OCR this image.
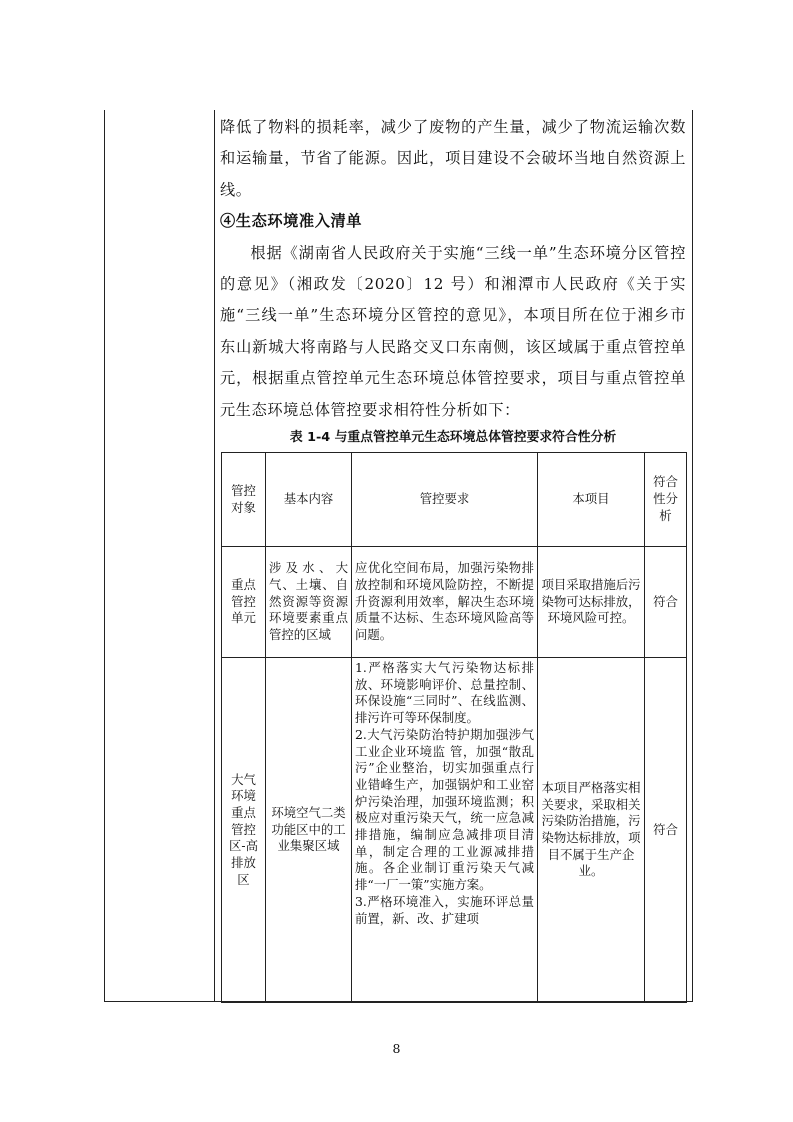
降低了物料的损耗率，减少了废物的产生量，减少了物流运输次数和运输量，节省了能源。因此，项目建设不会破坏当地自然资源上线。

④生态环境准入清单

根据《湖南省人民政府关于实施“三线一单”生态环境分区管控 的意见》（湘政发〔2020〕12 号）和湘潭市人民政府《关于实施“三线一单”生态环境分区管控的意见》，本项目所在位于湘乡市东山新城大将南路与人民路交叉口东南侧，该区域属于重点管控单元，根据重点管控单元生态环境总体管控要求，项目与重点管控单元生态环境总体管控要求相符性分析如下：

表 1-4 与重点管控单元生态环境总体管控要求符合性分析
管控对象	基本内容	管控要求	本项目	符合性分析
重点管控单元	涉及水、大气、土壤、自然资源等资源环境要素重点管控的区域	应优化空间布局，加强污染物排放控制和环境风险防控，不断提升资源利用效率，解决生态环境质量不达标、生态环境风险高等问题。	项目采取措施后污染物可达标排放，环境风险可控。	符合
大气环境重点管控区-高排放区	环境空气二类功能区中的工业集聚区域	1.严格落实大气污染物达标排放、环境影响评价、总量控制、环保设施“三同时”、在线监测、排污许可等环保制度。
2.大气污染防治特护期加强涉气工业企业环境监 管，加强“散乱污”企业整治，切实加强重点行业错峰生产，加强锅炉和工业窑炉污染治理，加强环境监测；积极应对重污染天气，统一应急减排措施，编制应急减排项目清单，制定合理的工业源减排措施。各企业制订重污染天气减排“一厂一策”实施方案。
3.严格环境准入，实施环评总量前置，新、改、扩建项	本项目严格落实相关要求，采取相关污染防治措施，污染物达标排放，项目不属于生产企业。	符合
8
